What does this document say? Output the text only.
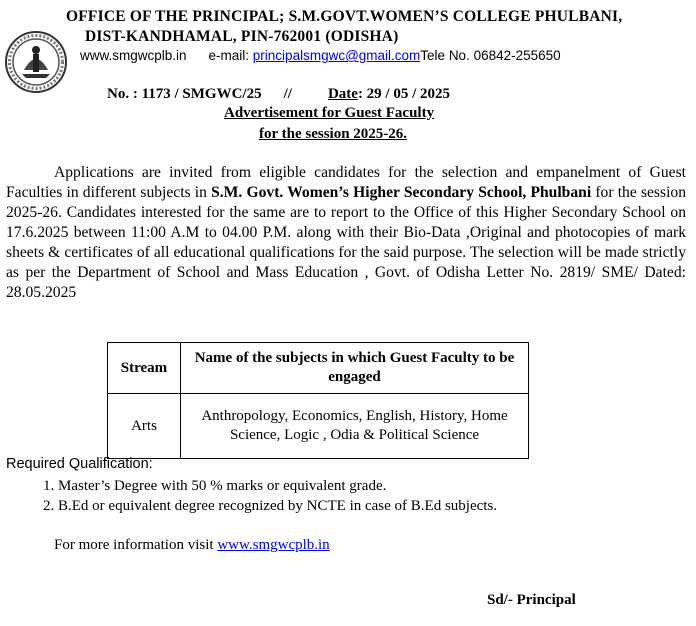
OFFICE OF THE PRINCIPAL; S.M.GOVT.WOMEN’S COLLEGE PHULBANI,
DIST-KANDHAMAL, PIN-762001 (ODISHA)
www.smgwcplb.in e-mail: principalsmgwc@gmail.comTele No. 06842-255650
No. : 1173 / SMGWC/25 // Date: 29 / 05 / 2025
Advertisement for Guest Faculty
for the session 2025-26.
Applications are invited from eligible candidates for the selection and empanelment of Guest Faculties in different subjects in S.M. Govt. Women’s Higher Secondary School, Phulbani for the session 2025-26. Candidates interested for the same are to report to the Office of this Higher Secondary School on 17.6.2025 between 11:00 A.M to 04.00 P.M. along with their Bio-Data ,Original and photocopies of mark sheets & certificates of all educational qualifications for the said purpose. The selection will be made strictly as per the Department of School and Mass Education , Govt. of Odisha Letter No. 2819/ SME/ Dated: 28.05.2025
Stream	Name of the subjects in which Guest Faculty to be engaged
Arts	Anthropology, Economics, English, History, Home Science, Logic , Odia & Political Science
Required Qualification:
1. Master’s Degree with 50 % marks or equivalent grade.
2. B.Ed or equivalent degree recognized by NCTE in case of B.Ed subjects.
For more information visit www.smgwcplb.in
Sd/- Principal
